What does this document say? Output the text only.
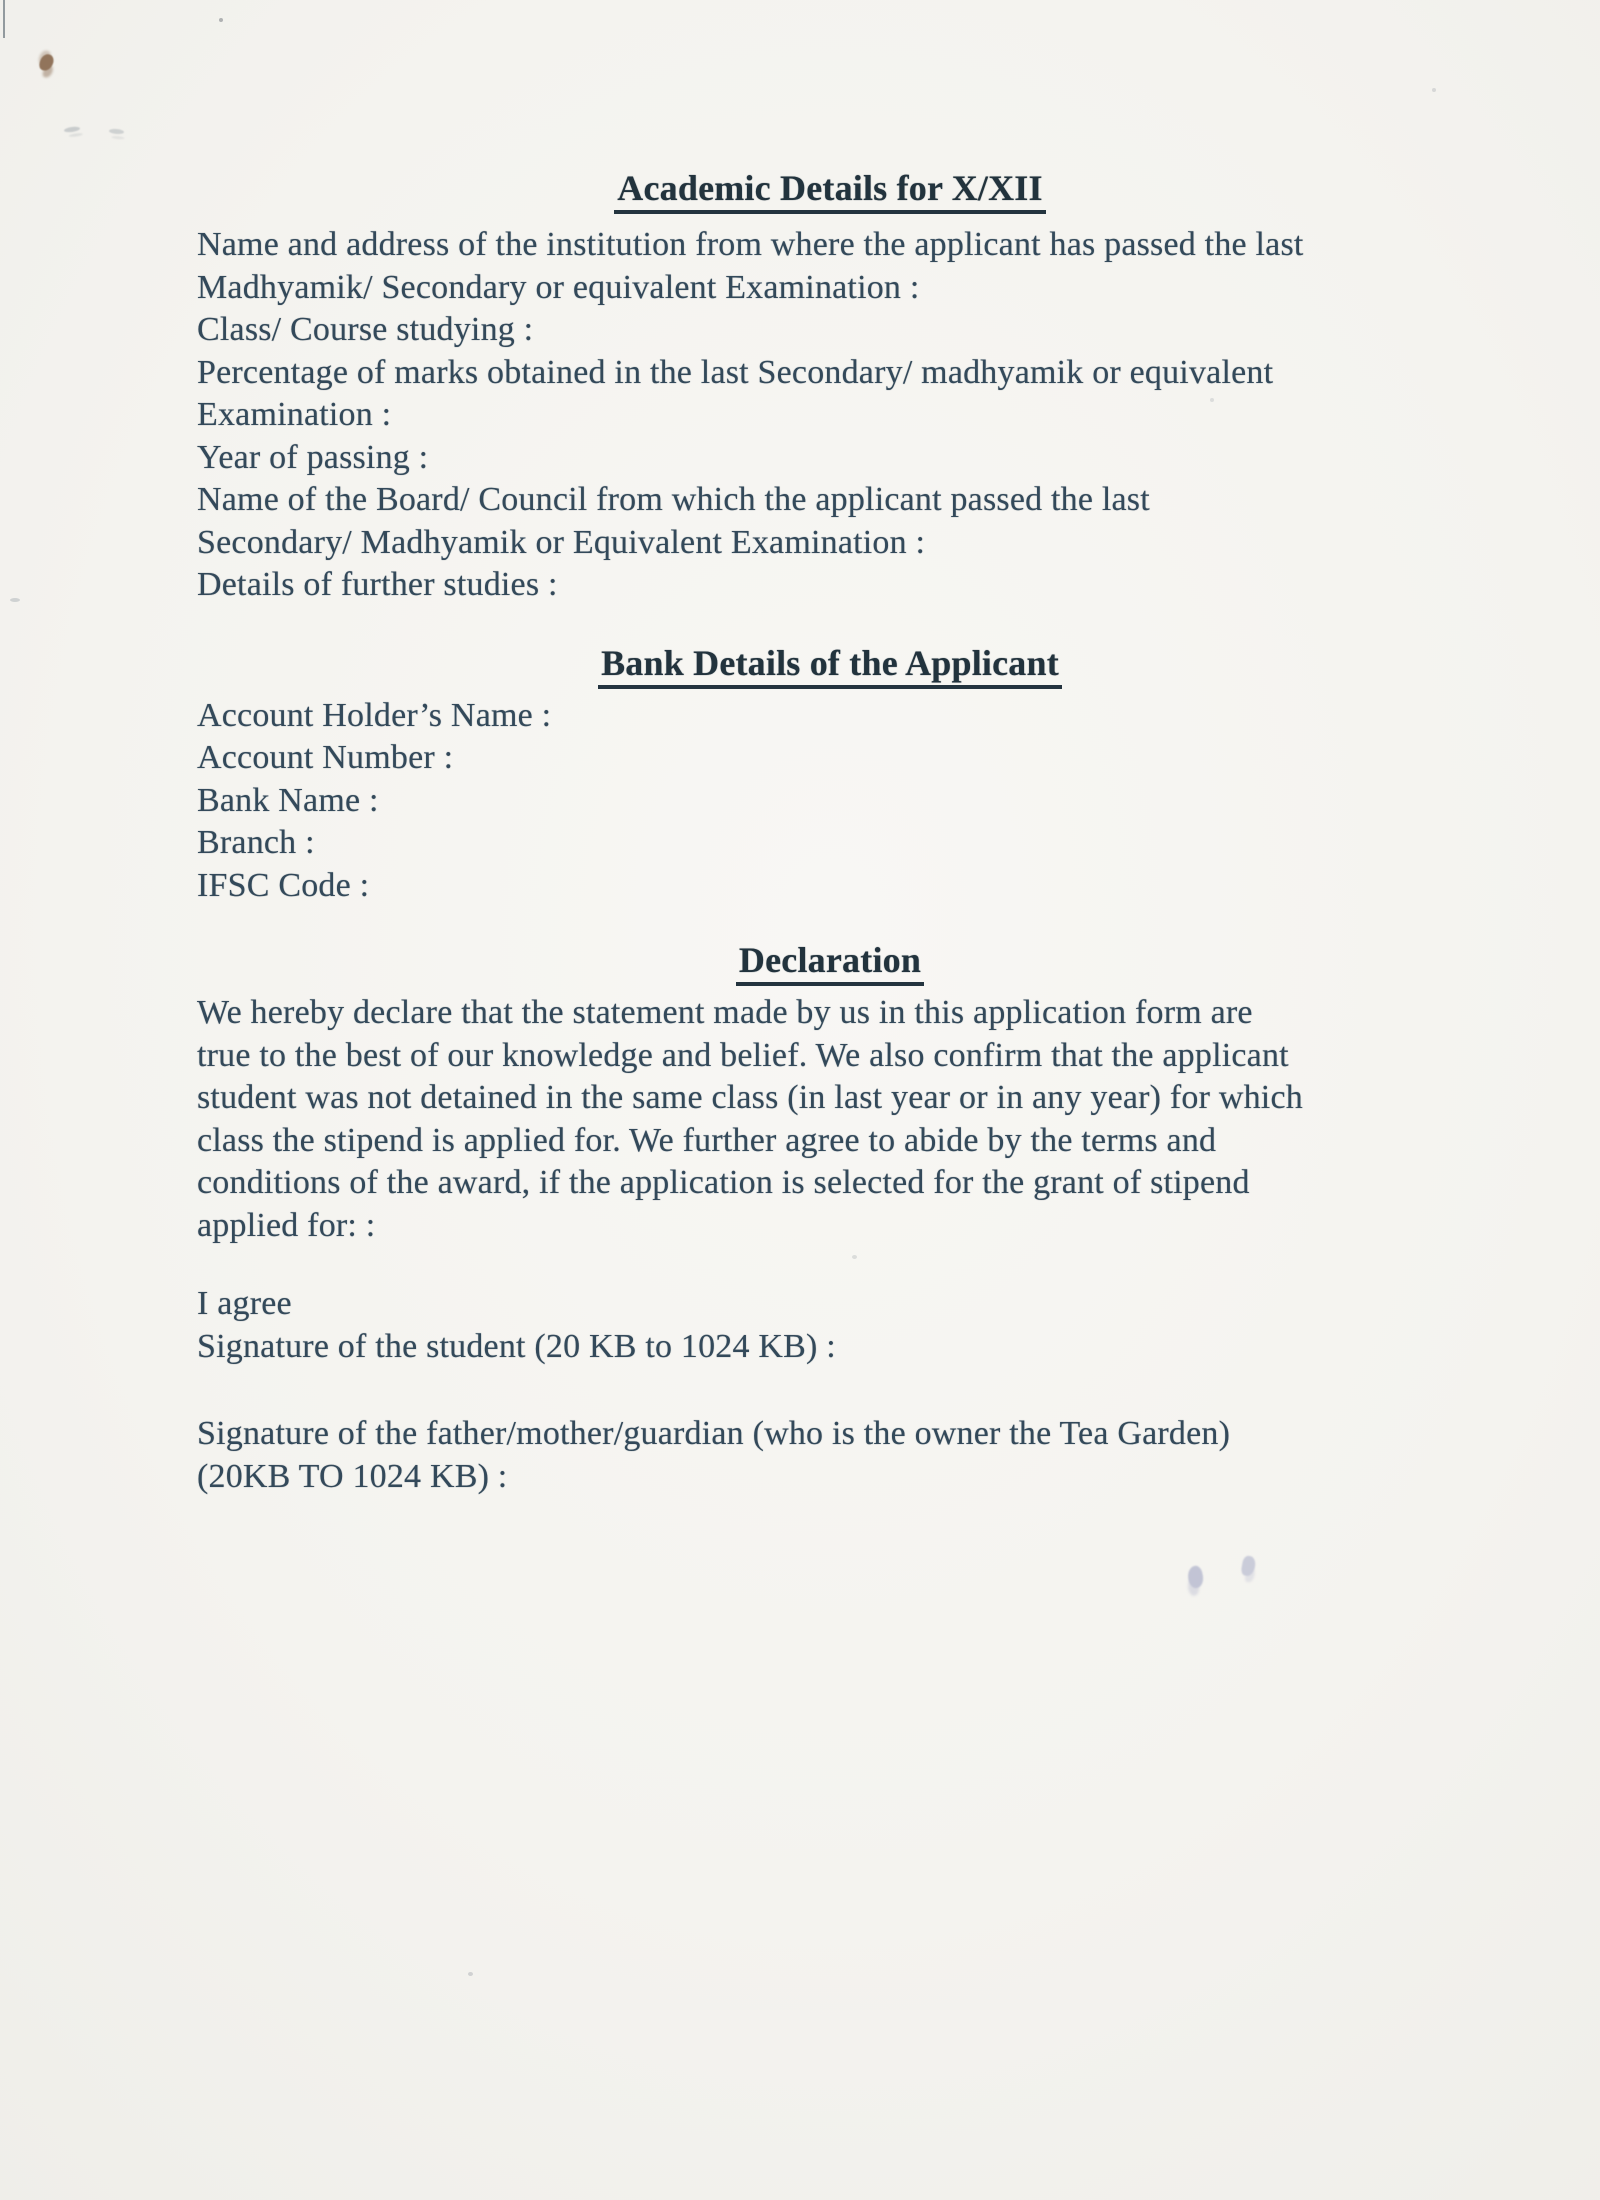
Academic Details for X/XII
Name and address of the institution from where the applicant has passed the last
Madhyamik/ Secondary or equivalent Examination :
Class/ Course studying :
Percentage of marks obtained in the last Secondary/ madhyamik or equivalent
Examination :
Year of passing :
Name of the Board/ Council from which the applicant passed the last
Secondary/ Madhyamik or Equivalent Examination :
Details of further studies :
Bank Details of the Applicant
Account Holder’s Name :
Account Number :
Bank Name :
Branch :
IFSC Code :
Declaration
We hereby declare that the statement made by us in this application form are
true to the best of our knowledge and belief. We also confirm that the applicant
student was not detained in the same class (in last year or in any year) for which
class the stipend is applied for. We further agree to abide by the terms and
conditions of the award, if the application is selected for the grant of stipend
applied for: :
I agree
Signature of the student (20 KB to 1024 KB) :
Signature of the father/mother/guardian (who is the owner the Tea Garden)
(20KB TO 1024 KB) :
